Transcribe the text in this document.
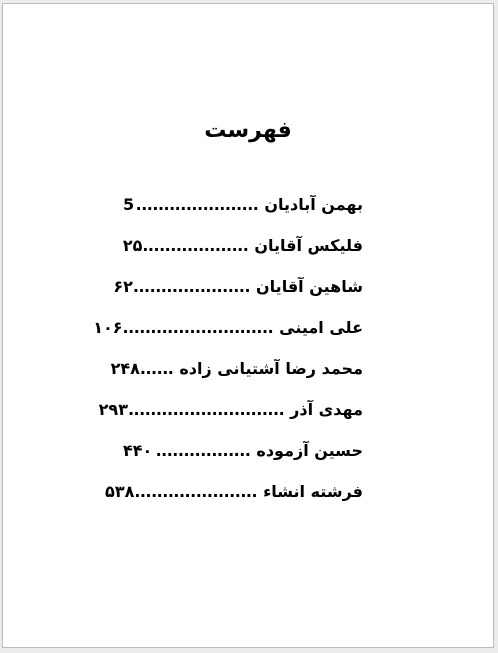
فهرست
بهمن آبادیان
......................
5
فلیکس آقایان
...................
۲۵
شاهین آقایان
.....................
۶۲
علی امینی
...........................
۱۰۶
محمد رضا آشتیانی زاده
......
۲۴۸
مهدی آذر
............................
۲۹۳
حسین آزموده
.................
۴۴۰
فرشته انشاء
......................
۵۳۸
